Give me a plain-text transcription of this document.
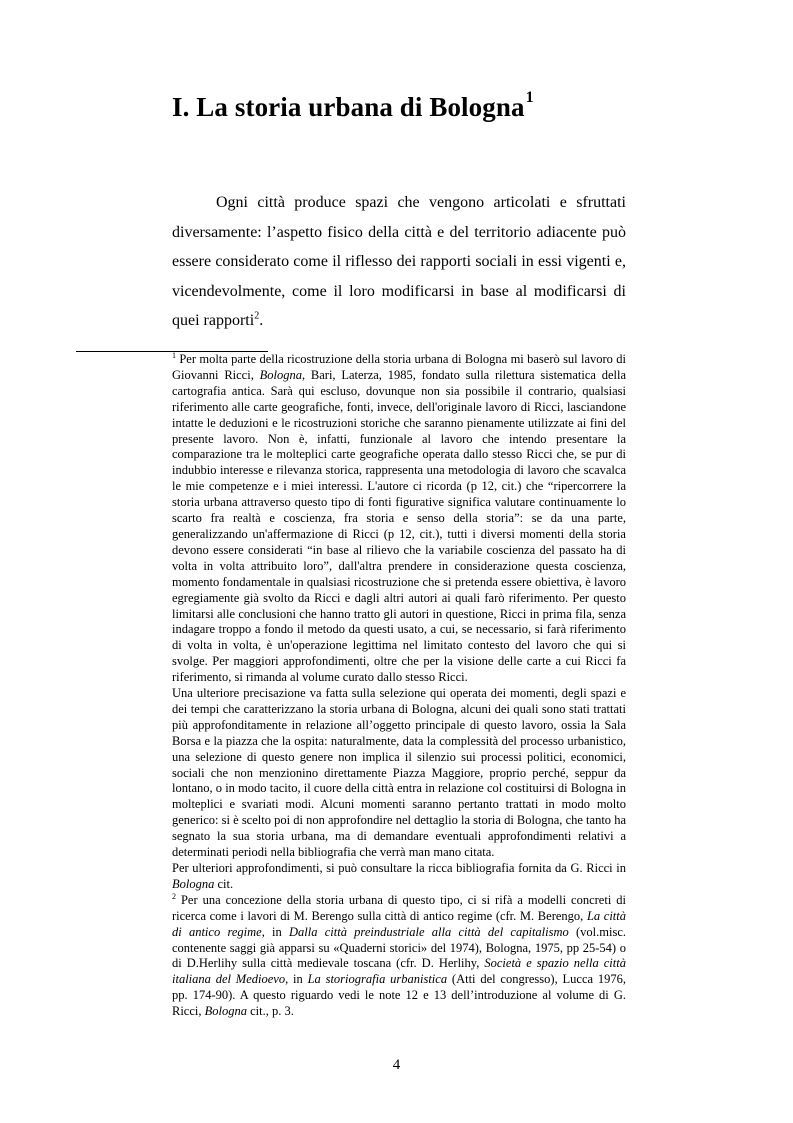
I. La storia urbana di Bologna$^1$

Ogni città produce spazi che vengono articolati e sfruttati diversamente: l’aspetto fisico della città e del territorio adiacente può essere considerato come il riflesso dei rapporti sociali in essi vigenti e, vicendevolmente, come il loro modificarsi in base al modificarsi di quei rapporti$^2$.

$^1$ Per molta parte della ricostruzione della storia urbana di Bologna mi baserò sul lavoro di Giovanni Ricci, Bologna, Bari, Laterza, 1985, fondato sulla rilettura sistematica della cartografia antica. Sarà qui escluso, dovunque non sia possibile il contrario, qualsiasi riferimento alle carte geografiche, fonti, invece, dell'originale lavoro di Ricci, lasciandone intatte le deduzioni e le ricostruzioni storiche che saranno pienamente utilizzate ai fini del presente lavoro. Non è, infatti, funzionale al lavoro che intendo presentare la comparazione tra le molteplici carte geografiche operata dallo stesso Ricci che, se pur di indubbio interesse e rilevanza storica, rappresenta una metodologia di lavoro che scavalca le mie competenze e i miei interessi. L'autore ci ricorda (p 12, cit.) che “ripercorrere la storia urbana attraverso questo tipo di fonti figurative significa valutare continuamente lo scarto fra realtà e coscienza, fra storia e senso della storia”: se da una parte, generalizzando un'affermazione di Ricci (p 12, cit.), tutti i diversi momenti della storia devono essere considerati “in base al rilievo che la variabile coscienza del passato ha di volta in volta attribuito loro”, dall'altra prendere in considerazione questa coscienza, momento fondamentale in qualsiasi ricostruzione che si pretenda essere obiettiva, è lavoro egregiamente già svolto da Ricci e dagli altri autori ai quali farò riferimento. Per questo limitarsi alle conclusioni che hanno tratto gli autori in questione, Ricci in prima fila, senza indagare troppo a fondo il metodo da questi usato, a cui, se necessario, si farà riferimento di volta in volta, è un'operazione legittima nel limitato contesto del lavoro che qui si svolge. Per maggiori approfondimenti, oltre che per la visione delle carte a cui Ricci fa riferimento, si rimanda al volume curato dallo stesso Ricci.

Una ulteriore precisazione va fatta sulla selezione qui operata dei momenti, degli spazi e dei tempi che caratterizzano la storia urbana di Bologna, alcuni dei quali sono stati trattati più approfonditamente in relazione all’oggetto principale di questo lavoro, ossia la Sala Borsa e la piazza che la ospita: naturalmente, data la complessità del processo urbanistico, una selezione di questo genere non implica il silenzio sui processi politici, economici, sociali che non menzionino direttamente Piazza Maggiore, proprio perché, seppur da lontano, o in modo tacito, il cuore della città entra in relazione col costituirsi di Bologna in molteplici e svariati modi. Alcuni momenti saranno pertanto trattati in modo molto generico: si è scelto poi di non approfondire nel dettaglio la storia di Bologna, che tanto ha segnato la sua storia urbana, ma di demandare eventuali approfondimenti relativi a determinati periodi nella bibliografia che verrà man mano citata.

Per ulteriori approfondimenti, si può consultare la ricca bibliografia fornita da G. Ricci in Bologna cit.

$^2$ Per una concezione della storia urbana di questo tipo, ci si rifà a modelli concreti di ricerca come i lavori di M. Berengo sulla città di antico regime (cfr. M. Berengo, La città di antico regime, in Dalla città preindustriale alla città del capitalismo (vol.misc. contenente saggi già apparsi su «Quaderni storici» del 1974), Bologna, 1975, pp 25-54) o di D.Herlihy sulla città medievale toscana (cfr. D. Herlihy, Società e spazio nella città italiana del Medioevo, in La storiografia urbanistica (Atti del congresso), Lucca 1976, pp. 174-90). A questo riguardo vedi le note 12 e 13 dell’introduzione al volume di G. Ricci, Bologna cit., p. 3.

4
